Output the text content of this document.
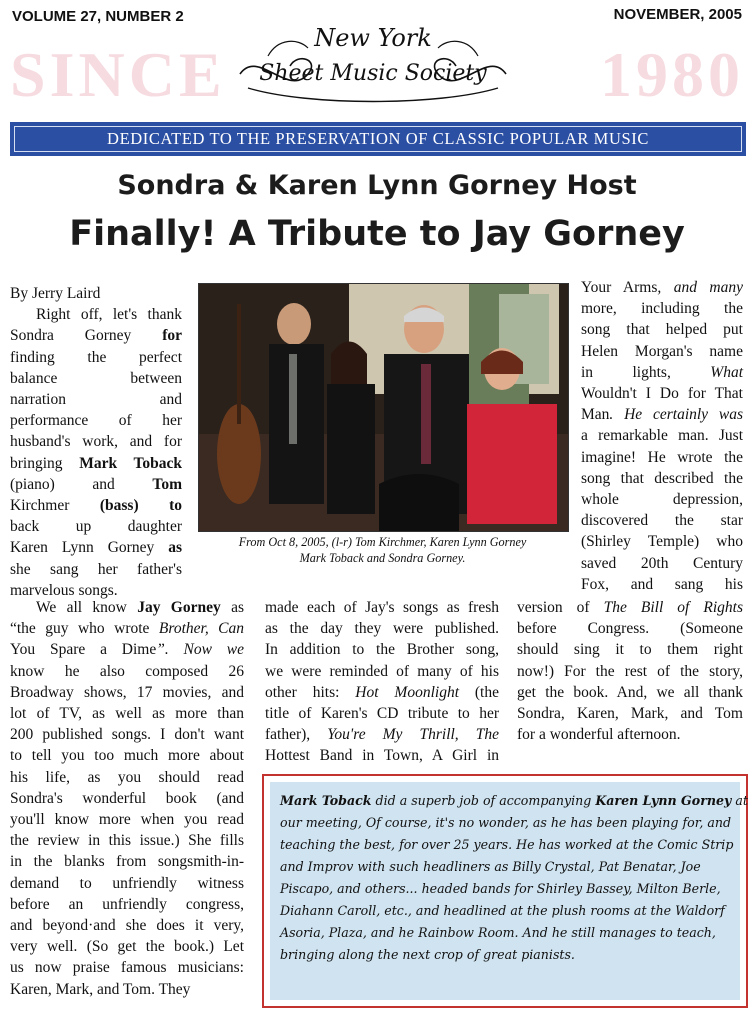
SINCE	1980
VOLUME 27, NUMBER 2	NOVEMBER, 2005
New York
Sheet Music Society
DEDICATED TO THE PRESERVATION OF CLASSIC POPULAR MUSIC
Sondra & Karen Lynn Gorney Host
Finally! A Tribute to Jay Gorney
By Jerry Laird
Right off, let's thank
Sondra Gorney for
finding the perfect
balance between
narration and
performance of her
husband's work, and for
bringing Mark Toback
(piano) and Tom
Kirchmer (bass) to
back up daughter
Karen Lynn Gorney as
she sang her father's
marvelous songs.
We all know Jay Gorney as
“the guy who wrote Brother, Can
You Spare a Dime”. Now we
know he also composed 26
Broadway shows, 17 movies, and
lot of TV, as well as more than
200 published songs. I don't want
to tell you too much more about
his life, as you should read
Sondra's wonderful book (and
you'll know more when you read
the review in this issue.) She fills
in the blanks from songsmith-in-
demand to unfriendly witness
before an unfriendly congress,
and beyond·and she does it very,
very well. (So get the book.) Let
us now praise famous musicians:
Karen, Mark, and Tom. They
From Oct 8, 2005, (l-r) Tom Kirchmer, Karen Lynn Gorney
Mark Toback and Sondra Gorney.
made each of Jay's songs as fresh
as the day they were published.
In addition to the Brother song,
we were reminded of many of his
other hits: Hot Moonlight (the
title of Karen's CD tribute to her
father), You're My Thrill, The
Hottest Band in Town, A Girl in
Your Arms, and many
more, including the
song that helped put
Helen Morgan's name
in lights, What
Wouldn't I Do for That
Man. He certainly was
a remarkable man. Just
imagine! He wrote the
song that described the
whole depression,
discovered the star
(Shirley Temple) who
saved 20th Century
Fox, and sang his
version of The Bill of Rights
before Congress. (Someone
should sing it to them right
now!) For the rest of the story,
get the book. And, we all thank
Sondra, Karen, Mark, and Tom
for a wonderful afternoon.
Mark Toback did a superb job of accompanying Karen Lynn Gorney at
our meeting, Of course, it's no wonder, as he has been playing for, and
teaching the best, for over 25 years. He has worked at the Comic Strip
and Improv with such headliners as Billy Crystal, Pat Benatar, Joe
Piscapo, and others... headed bands for Shirley Bassey, Milton Berle,
Diahann Caroll, etc., and headlined at the plush rooms at the Waldorf
Asoria, Plaza, and he Rainbow Room. And he still manages to teach,
bringing along the next crop of great pianists.
